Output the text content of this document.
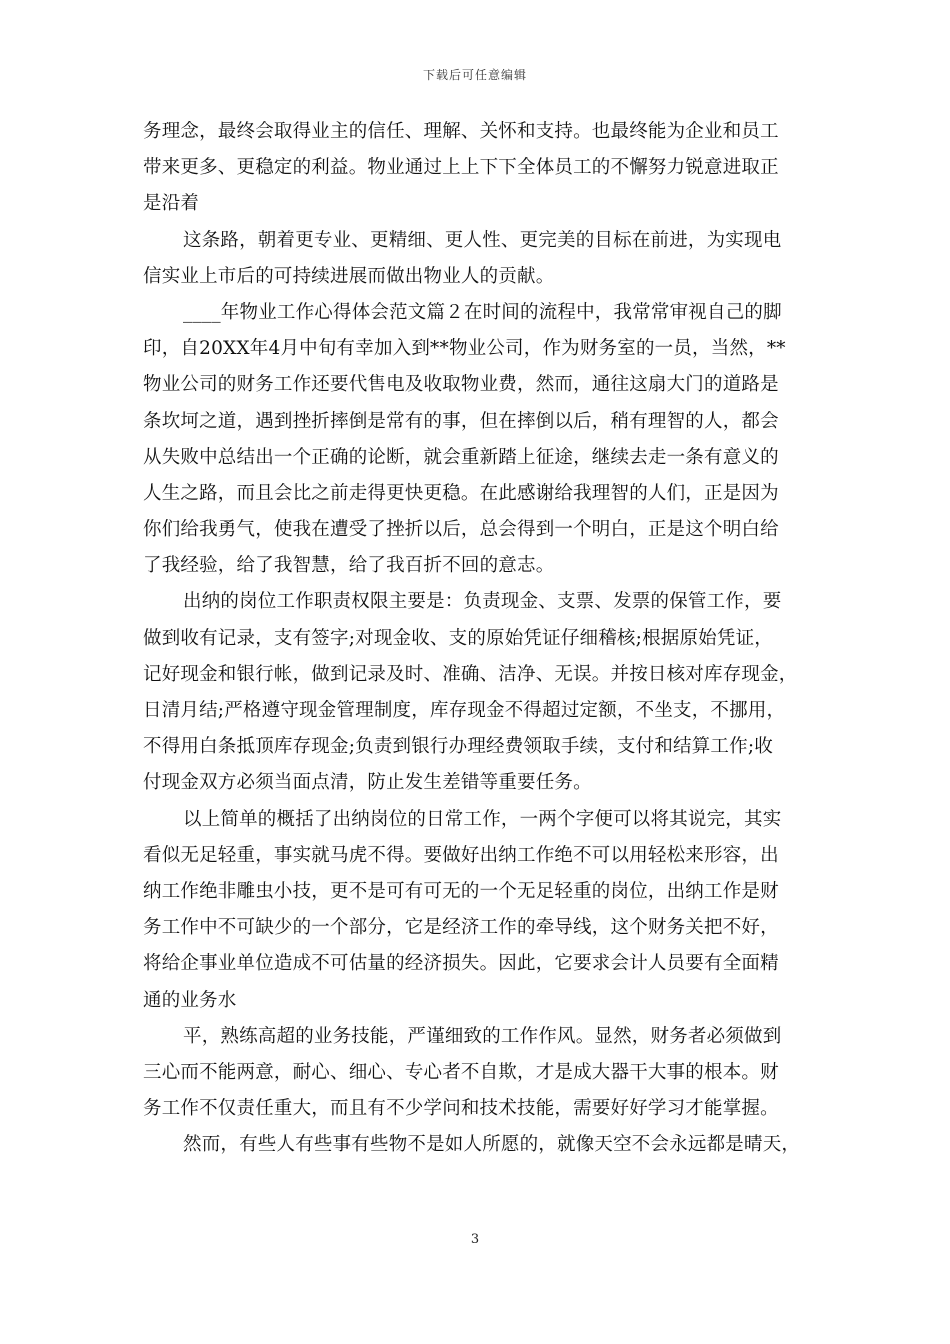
下载后可任意编辑
务理念，最终会取得业主的信任、理解、关怀和支持。也最终能为企业和员工
带来更多、更稳定的利益。物业通过上上下下全体员工的不懈努力锐意进取正
是沿着
这条路，朝着更专业、更精细、更人性、更完美的目标在前进，为实现电
信实业上市后的可持续进展而做出物业人的贡献。
____年物业工作心得体会范文篇２在时间的流程中，我常常审视自己的脚
印，自20XX年4月中旬有幸加入到**物业公司，作为财务室的一员，当然，**
物业公司的财务工作还要代售电及收取物业费，然而，通往这扇大门的道路是
条坎坷之道，遇到挫折摔倒是常有的事，但在摔倒以后，稍有理智的人，都会
从失败中总结出一个正确的论断，就会重新踏上征途，继续去走一条有意义的
人生之路，而且会比之前走得更快更稳。在此感谢给我理智的人们，正是因为
你们给我勇气，使我在遭受了挫折以后，总会得到一个明白，正是这个明白给
了我经验，给了我智慧，给了我百折不回的意志。
出纳的岗位工作职责权限主要是：负责现金、支票、发票的保管工作，要
做到收有记录，支有签字;对现金收、支的原始凭证仔细稽核;根据原始凭证，
记好现金和银行帐，做到记录及时、准确、洁净、无误。并按日核对库存现金，
日清月结;严格遵守现金管理制度，库存现金不得超过定额，不坐支，不挪用，
不得用白条抵顶库存现金;负责到银行办理经费领取手续，支付和结算工作;收
付现金双方必须当面点清，防止发生差错等重要任务。
以上简单的概括了出纳岗位的日常工作，一两个字便可以将其说完，其实
看似无足轻重，事实就马虎不得。要做好出纳工作绝不可以用轻松来形容，出
纳工作绝非雕虫小技，更不是可有可无的一个无足轻重的岗位，出纳工作是财
务工作中不可缺少的一个部分，它是经济工作的牵导线，这个财务关把不好，
将给企事业单位造成不可估量的经济损失。因此，它要求会计人员要有全面精
通的业务水
平，熟练高超的业务技能，严谨细致的工作作风。显然，财务者必须做到
三心而不能两意，耐心、细心、专心者不自欺，才是成大器干大事的根本。财
务工作不仅责任重大，而且有不少学问和技术技能，需要好好学习才能掌握。
然而，有些人有些事有些物不是如人所愿的，就像天空不会永远都是晴天，
3
